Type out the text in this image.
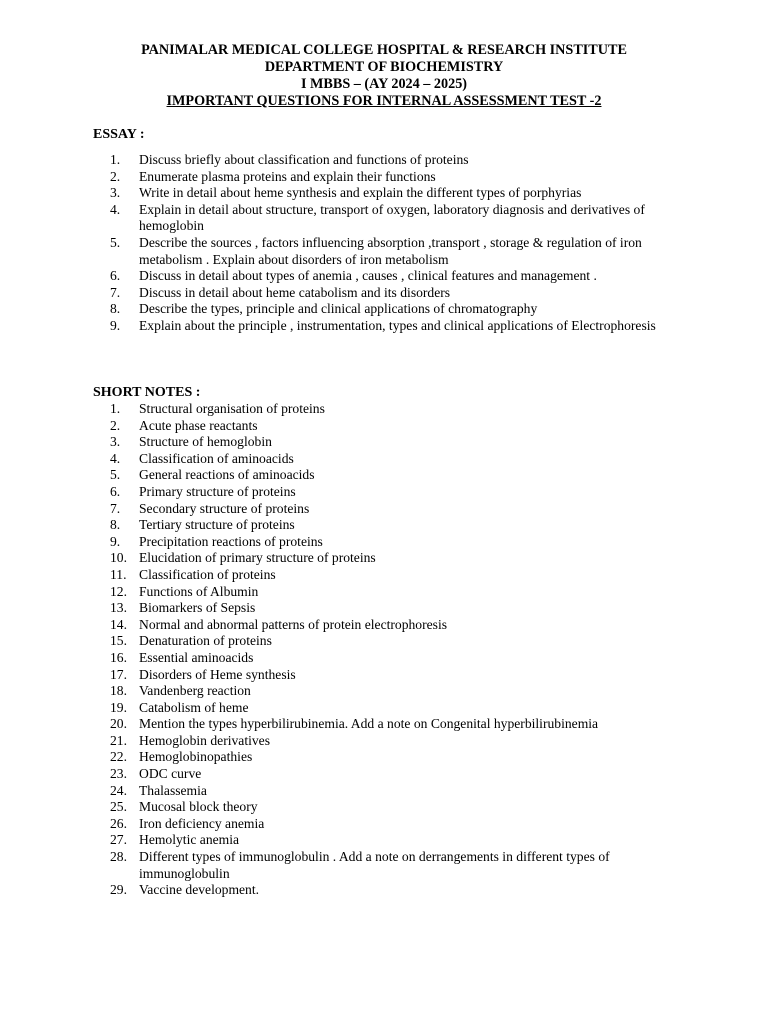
PANIMALAR MEDICAL COLLEGE HOSPITAL & RESEARCH INSTITUTE
DEPARTMENT OF BIOCHEMISTRY
I MBBS – (AY 2024 – 2025)
IMPORTANT QUESTIONS FOR INTERNAL ASSESSMENT TEST -2
ESSAY :
1.	Discuss briefly about classification and functions of proteins
2.	Enumerate plasma proteins and explain their functions
3.	Write in detail about heme synthesis and explain the different types of porphyrias
4.	Explain in detail about structure, transport of oxygen, laboratory diagnosis and derivatives of hemoglobin
5.	Describe the sources , factors influencing absorption ,transport , storage & regulation of iron metabolism . Explain about disorders of iron metabolism
6.	Discuss in detail about types of anemia , causes , clinical features and management .
7.	Discuss in detail about heme catabolism and its disorders
8.	Describe the types, principle and clinical applications of chromatography
9.	Explain about the principle , instrumentation, types and clinical applications of Electrophoresis
SHORT NOTES :
1.	Structural organisation of proteins
2.	Acute phase reactants
3.	Structure of hemoglobin
4.	Classification of aminoacids
5.	General reactions of aminoacids
6.	Primary structure of proteins
7.	Secondary structure of proteins
8.	Tertiary structure of proteins
9.	Precipitation reactions of proteins
10. Elucidation of primary structure of proteins
11. Classification of proteins
12. Functions of Albumin
13. Biomarkers of Sepsis
14. Normal and abnormal patterns of protein electrophoresis
15. Denaturation of proteins
16. Essential aminoacids
17. Disorders of Heme synthesis
18. Vandenberg reaction
19. Catabolism of heme
20. Mention the types hyperbilirubinemia. Add a note on Congenital hyperbilirubinemia
21. Hemoglobin derivatives
22. Hemoglobinopathies
23. ODC curve
24. Thalassemia
25. Mucosal block theory
26. Iron deficiency anemia
27. Hemolytic anemia
28. Different types of immunoglobulin . Add a note on derrangements in different types of immunoglobulin
29. Vaccine development.
